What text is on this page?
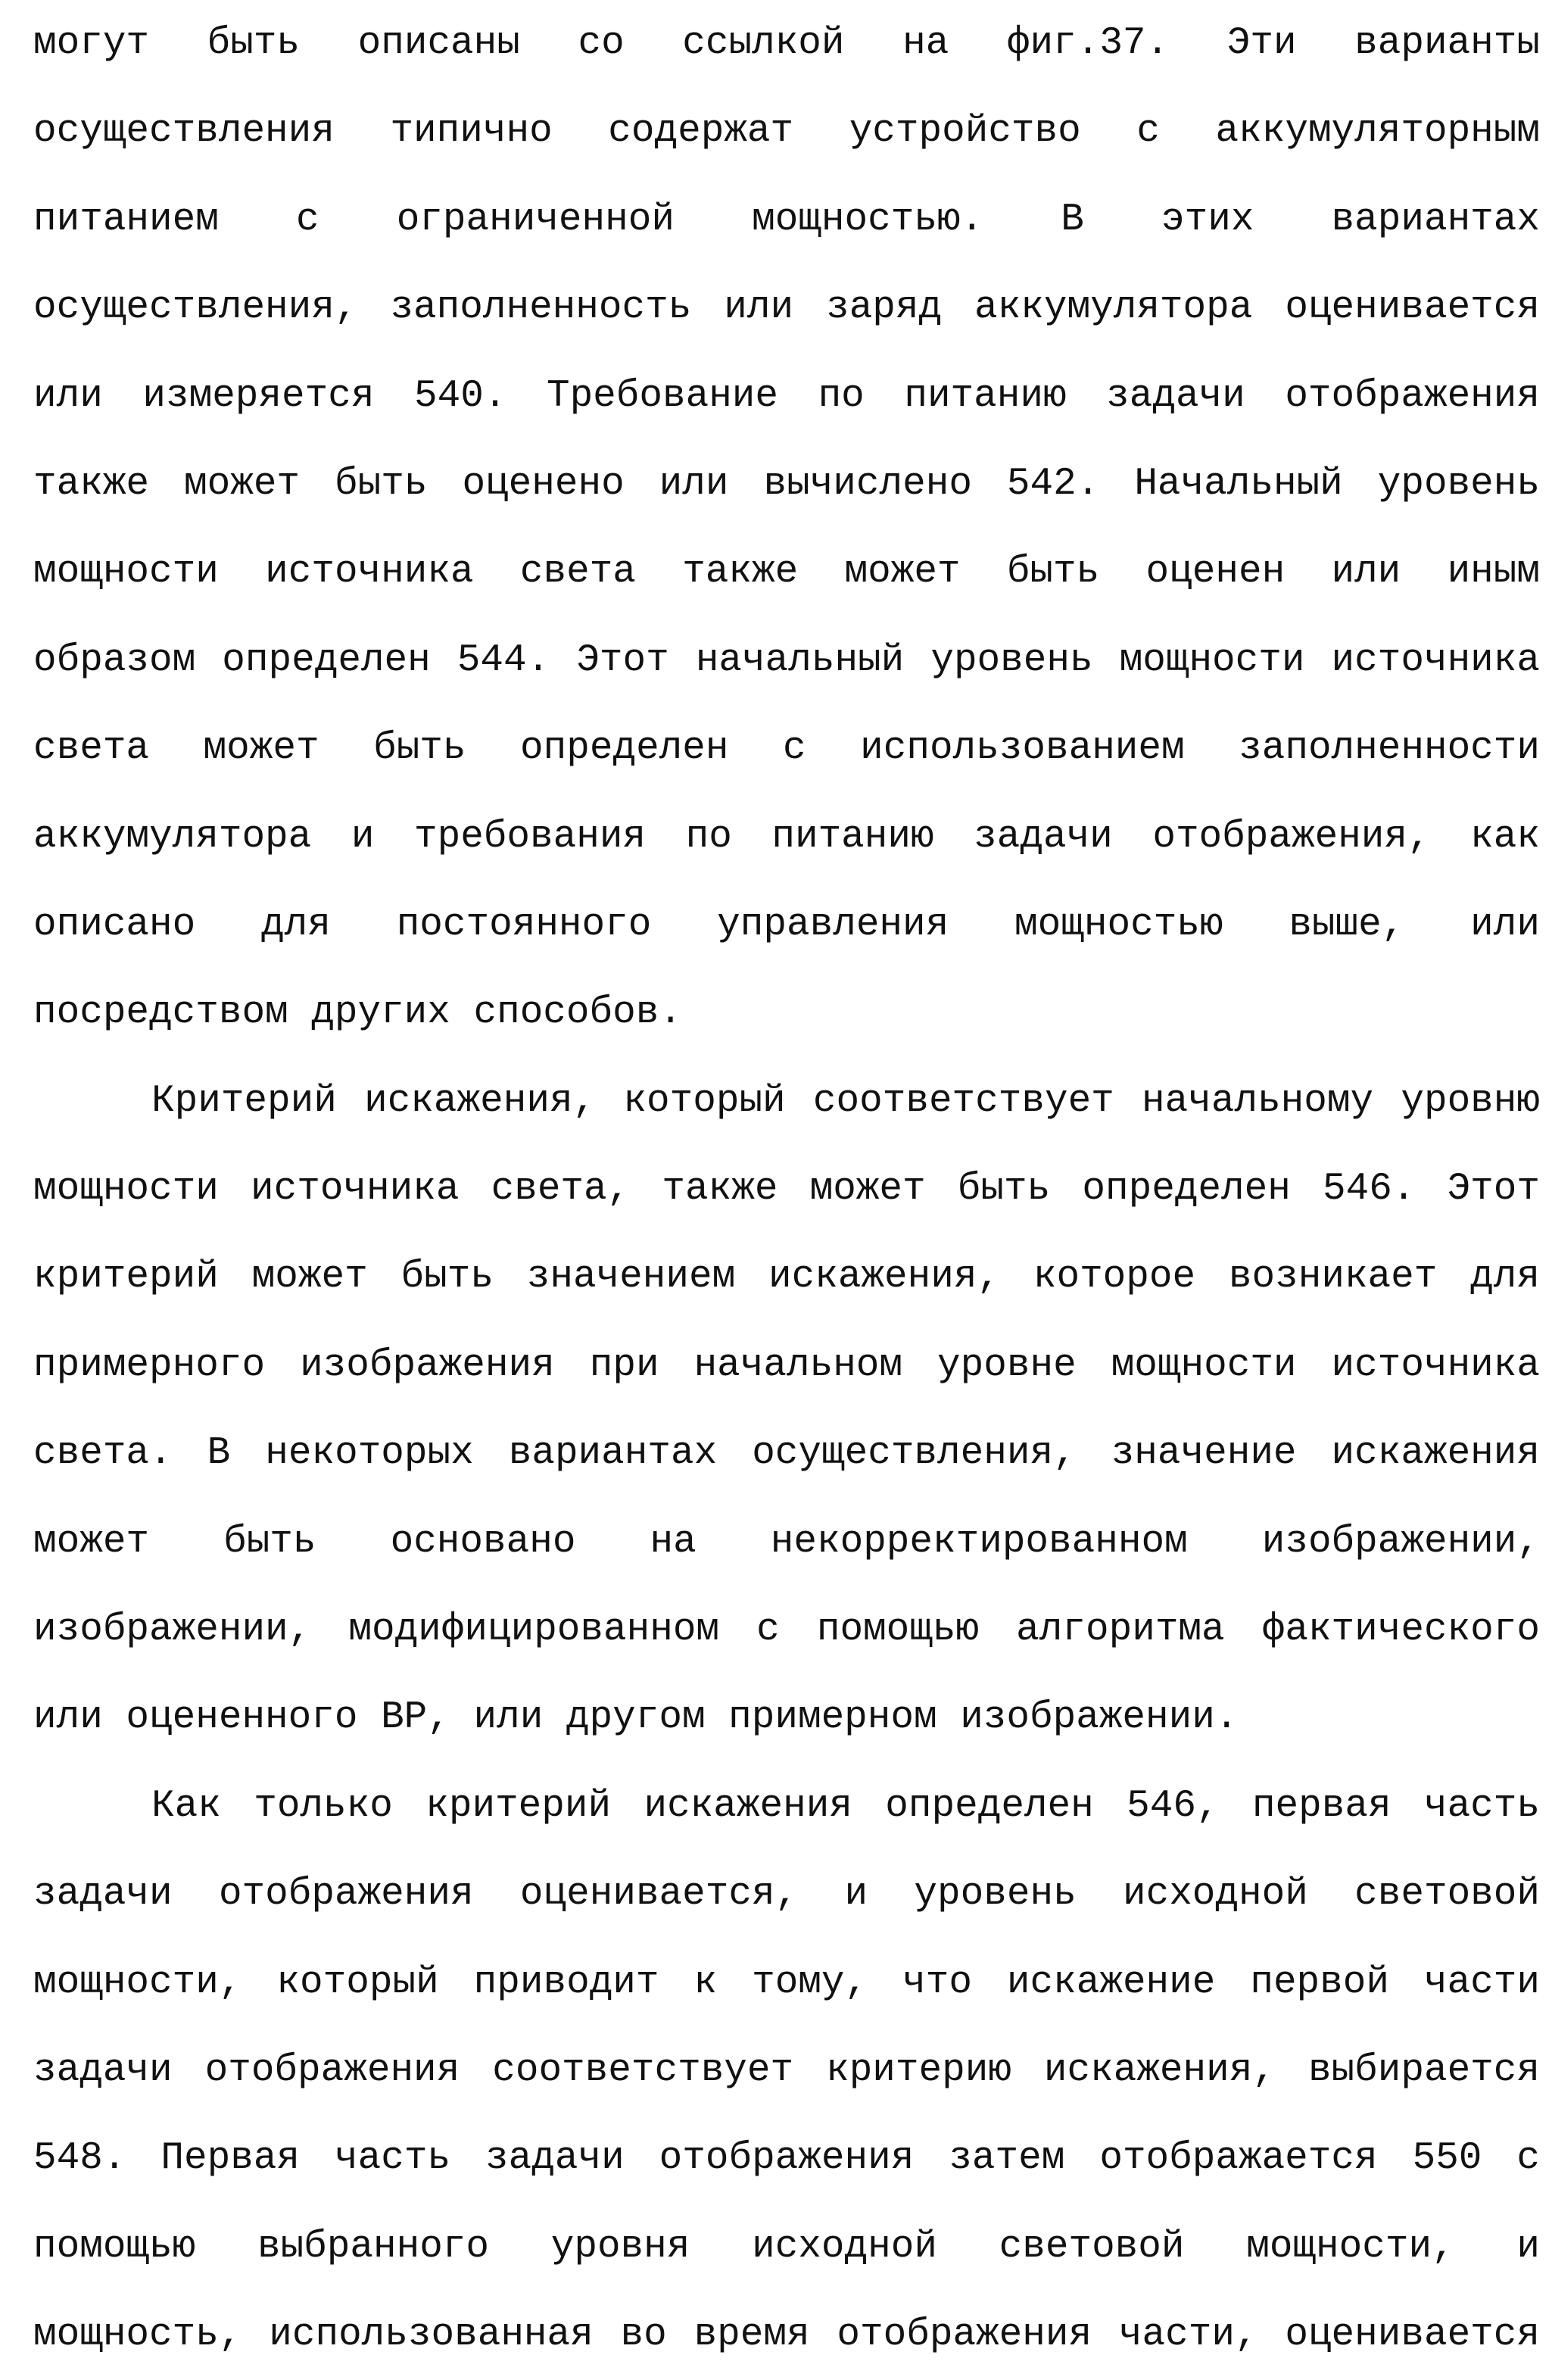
могут быть описаны со ссылкой на фиг.37. Эти варианты
осуществления типично содержат устройство с аккумуляторным
питанием с ограниченной мощностью. В этих вариантах
осуществления, заполненность или заряд аккумулятора оценивается
или измеряется 540. Требование по питанию задачи отображения
также может быть оценено или вычислено 542. Начальный уровень
мощности источника света также может быть оценен или иным
образом определен 544. Этот начальный уровень мощности источника
света может быть определен с использованием заполненности
аккумулятора и требования по питанию задачи отображения, как
описано для постоянного управления мощностью выше, или
посредством других способов.
Критерий искажения, который соответствует начальному уровню
мощности источника света, также может быть определен 546. Этот
критерий может быть значением искажения, которое возникает для
примерного изображения при начальном уровне мощности источника
света. В некоторых вариантах осуществления, значение искажения
может быть основано на некорректированном изображении,
изображении, модифицированном с помощью алгоритма фактического
или оцененного BP, или другом примерном изображении.
Как только критерий искажения определен 546, первая часть
задачи отображения оценивается, и уровень исходной световой
мощности, который приводит к тому, что искажение первой части
задачи отображения соответствует критерию искажения, выбирается
548. Первая часть задачи отображения затем отображается 550 с
помощью выбранного уровня исходной световой мощности, и
мощность, использованная во время отображения части, оценивается
